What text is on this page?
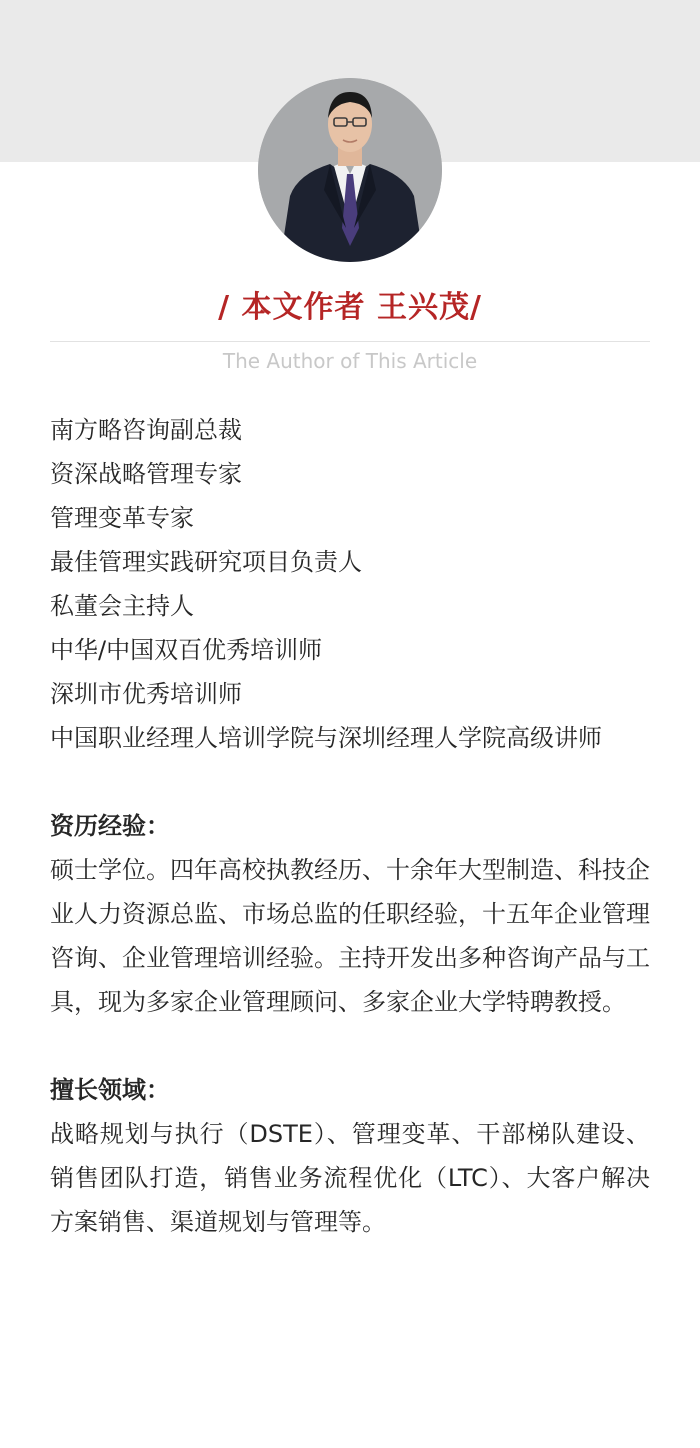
/ 本文作者 王兴茂/
The Author of This Article
南方略咨询副总裁
资深战略管理专家
管理变革专家
最佳管理实践研究项目负责人
私董会主持人
中华/中国双百优秀培训师
深圳市优秀培训师
中国职业经理人培训学院与深圳经理人学院高级讲师
资历经验：
硕士学位。四年高校执教经历、十余年大型制造、科技企业人力资源总监、市场总监的任职经验，十五年企业管理咨询、企业管理培训经验。主持开发出多种咨询产品与工具，现为多家企业管理顾问、多家企业大学特聘教授。
擅长领域：
战略规划与执行（DSTE）、管理变革、干部梯队建设、销售团队打造，销售业务流程优化（LTC）、大客户解决方案销售、渠道规划与管理等。
